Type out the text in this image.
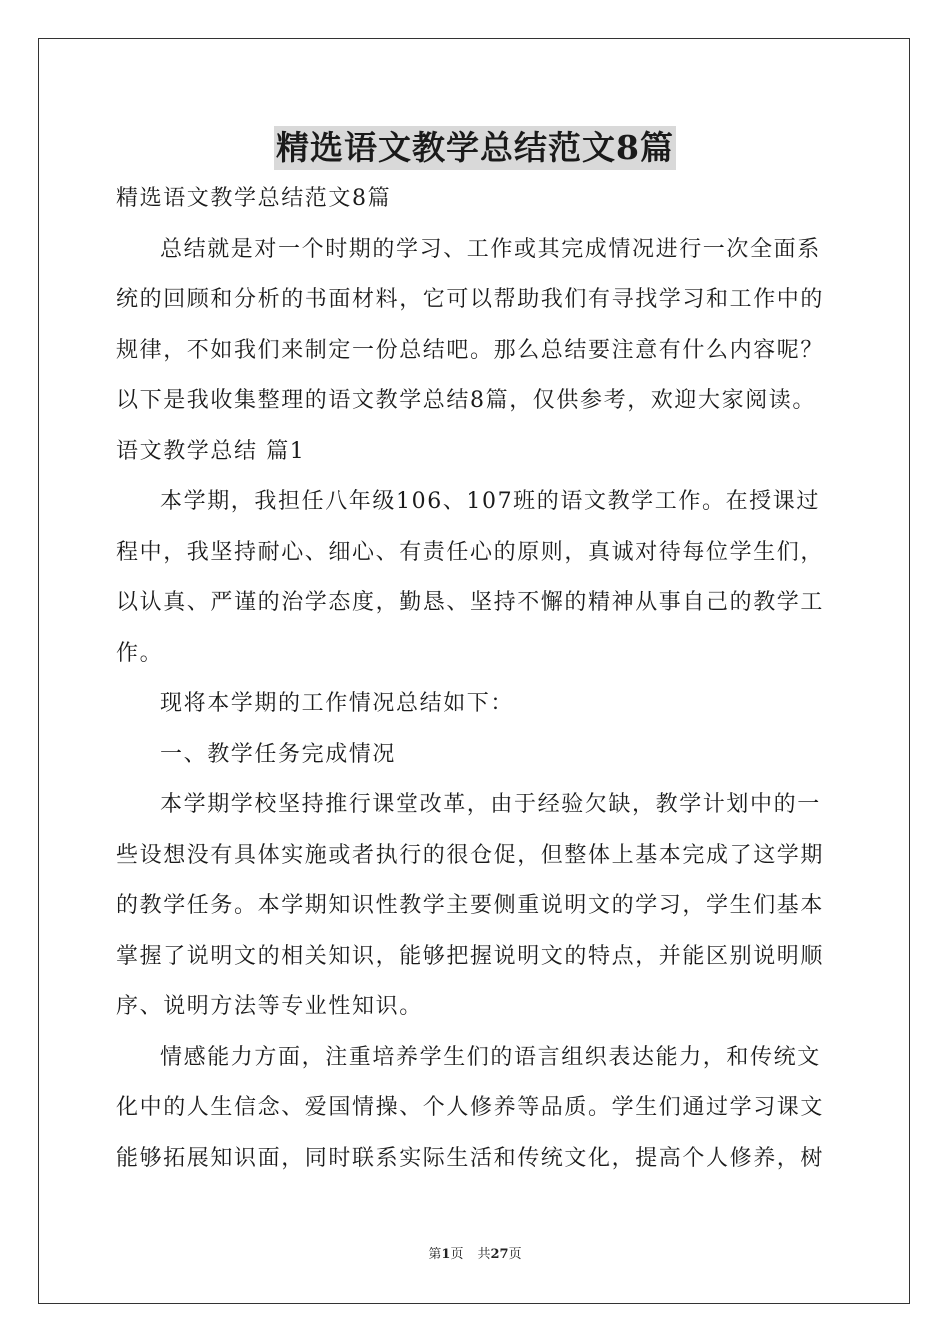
精选语文教学总结范文8篇

精选语文教学总结范文8篇

总结就是对一个时期的学习、工作或其完成情况进行一次全面系统的回顾和分析的书面材料，它可以帮助我们有寻找学习和工作中的规律，不如我们来制定一份总结吧。那么总结要注意有什么内容呢？以下是我收集整理的语文教学总结8篇，仅供参考，欢迎大家阅读。

语文教学总结 篇1

本学期，我担任八年级106、107班的语文教学工作。在授课过程中，我坚持耐心、细心、有责任心的原则，真诚对待每位学生们，以认真、严谨的治学态度，勤恳、坚持不懈的精神从事自己的教学工作。

现将本学期的工作情况总结如下：

一、教学任务完成情况

本学期学校坚持推行课堂改革，由于经验欠缺，教学计划中的一些设想没有具体实施或者执行的很仓促，但整体上基本完成了这学期的教学任务。本学期知识性教学主要侧重说明文的学习，学生们基本掌握了说明文的相关知识，能够把握说明文的特点，并能区别说明顺序、说明方法等专业性知识。

情感能力方面，注重培养学生们的语言组织表达能力，和传统文化中的人生信念、爱国情操、个人修养等品质。学生们通过学习课文能够拓展知识面，同时联系实际生活和传统文化，提高个人修养，树

第1页 共27页
